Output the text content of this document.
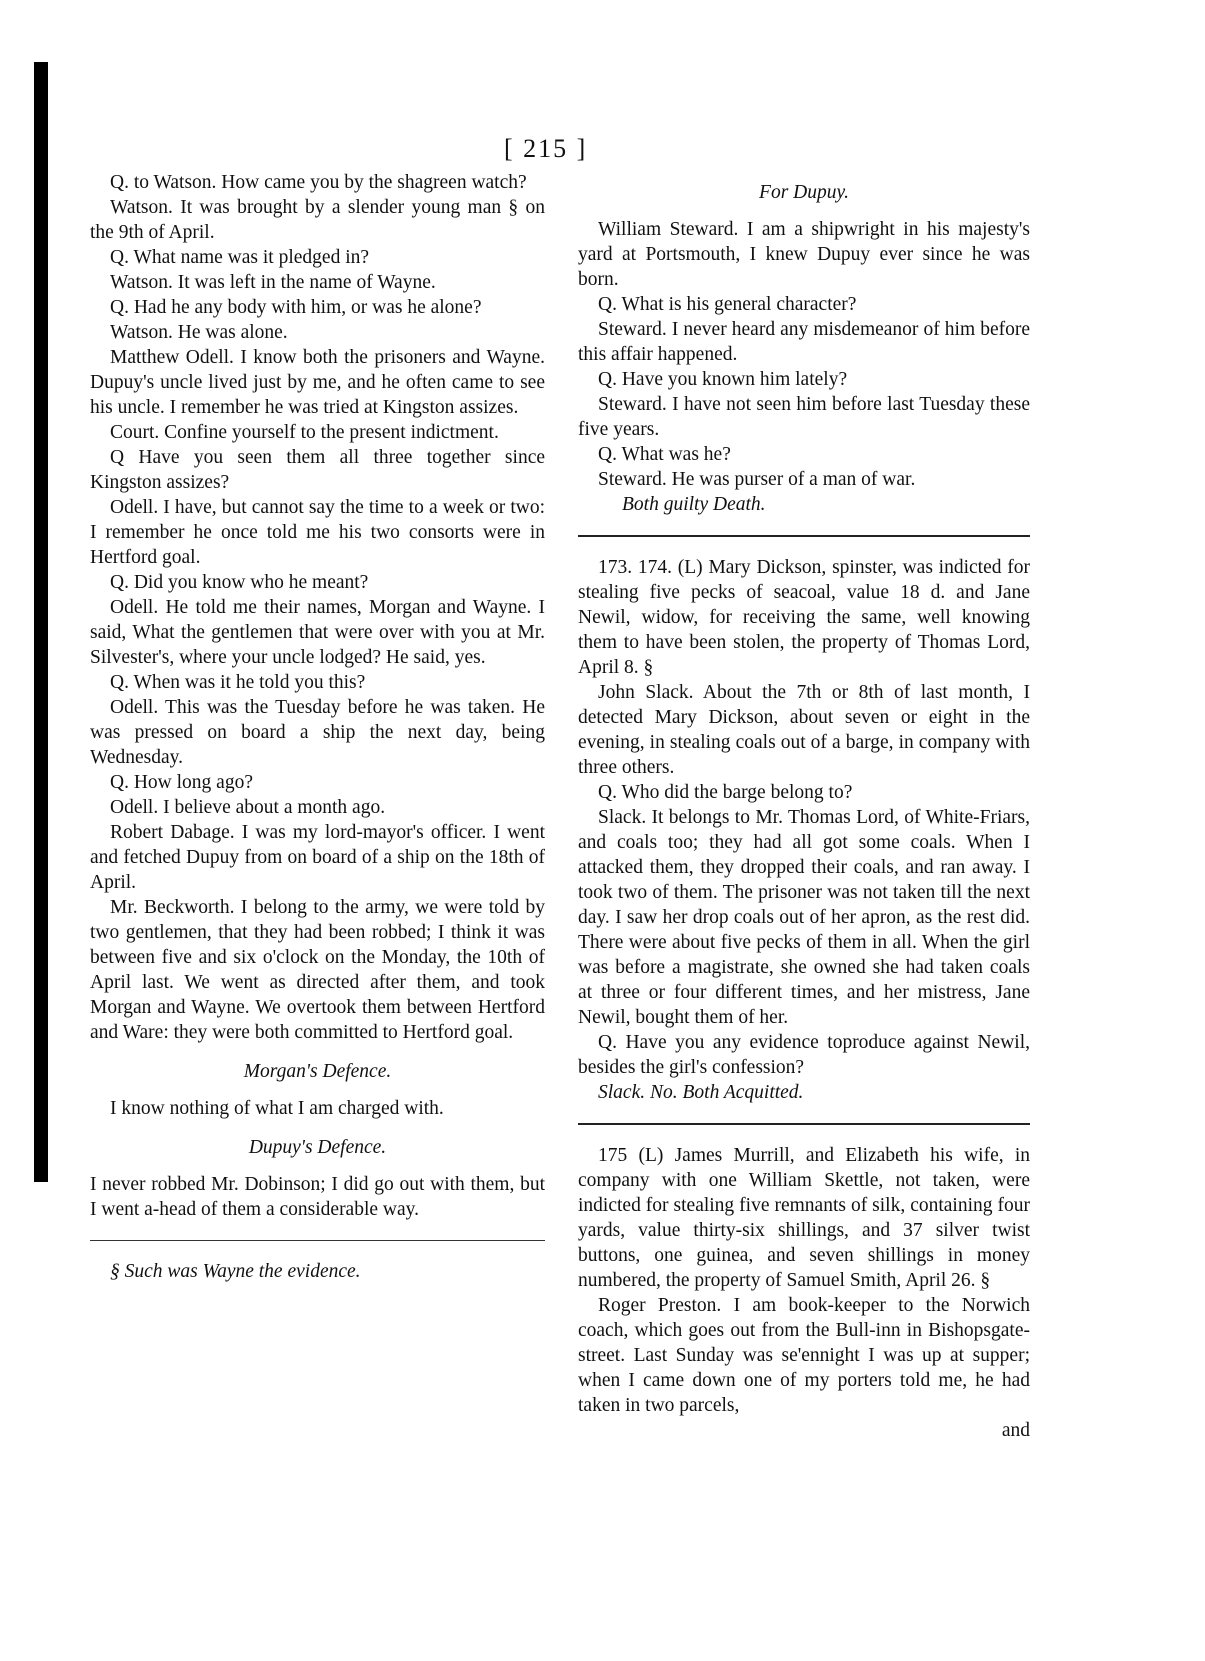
[ 215 ]

Q. to Watson. How came you by the shagreen watch?

Watson. It was brought by a slender young man § on the 9th of April.

Q. What name was it pledged in?

Watson. It was left in the name of Wayne.

Q. Had he any body with him, or was he alone?

Watson. He was alone.

Matthew Odell. I know both the prisoners and Wayne. Dupuy's uncle lived just by me, and he often came to see his uncle. I remember he was tried at Kingston assizes.

Court. Confine yourself to the present indictment.

Q Have you seen them all three together since Kingston assizes?

Odell. I have, but cannot say the time to a week or two: I remember he once told me his two consorts were in Hertford goal.

Q. Did you know who he meant?

Odell. He told me their names, Morgan and Wayne. I said, What the gentlemen that were over with you at Mr. Silvester's, where your uncle lodged? He said, yes.

Q. When was it he told you this?

Odell. This was the Tuesday before he was taken. He was pressed on board a ship the next day, being Wednesday.

Q. How long ago?

Odell. I believe about a month ago.

Robert Dabage. I was my lord-mayor's officer. I went and fetched Dupuy from on board of a ship on the 18th of April.

Mr. Beckworth. I belong to the army, we were told by two gentlemen, that they had been robbed; I think it was between five and six o'clock on the Monday, the 10th of April last. We went as directed after them, and took Morgan and Wayne. We overtook them between Hertford and Ware: they were both committed to Hertford goal.

Morgan's Defence.

I know nothing of what I am charged with.

Dupuy's Defence.

I never robbed Mr. Dobinson; I did go out with them, but I went a-head of them a considerable way.

§ Such was Wayne the evidence.

For Dupuy.

William Steward. I am a shipwright in his majesty's yard at Portsmouth, I knew Dupuy ever since he was born.

Q. What is his general character?

Steward. I never heard any misdemeanor of him before this affair happened.

Q. Have you known him lately?

Steward. I have not seen him before last Tuesday these five years.

Q. What was he?

Steward. He was purser of a man of war.

Both guilty Death.

173. 174. (L) Mary Dickson, spinster, was indicted for stealing five pecks of seacoal, value 18 d. and Jane Newil, widow, for receiving the same, well knowing them to have been stolen, the property of Thomas Lord, April 8. §

John Slack. About the 7th or 8th of last month, I detected Mary Dickson, about seven or eight in the evening, in stealing coals out of a barge, in company with three others.

Q. Who did the barge belong to?

Slack. It belongs to Mr. Thomas Lord, of White-Friars, and coals too; they had all got some coals. When I attacked them, they dropped their coals, and ran away. I took two of them. The prisoner was not taken till the next day. I saw her drop coals out of her apron, as the rest did. There were about five pecks of them in all. When the girl was before a magistrate, she owned she had taken coals at three or four different times, and her mistress, Jane Newil, bought them of her.

Q. Have you any evidence toproduce against Newil, besides the girl's confession?

Slack. No. Both Acquitted.

175 (L) James Murrill, and Elizabeth his wife, in company with one William Skettle, not taken, were indicted for stealing five remnants of silk, containing four yards, value thirty-six shillings, and 37 silver twist buttons, one guinea, and seven shillings in money numbered, the property of Samuel Smith, April 26. §

Roger Preston. I am book-keeper to the Norwich coach, which goes out from the Bull-inn in Bishopsgate-street. Last Sunday was se'ennight I was up at supper; when I came down one of my porters told me, he had taken in two parcels,

and
